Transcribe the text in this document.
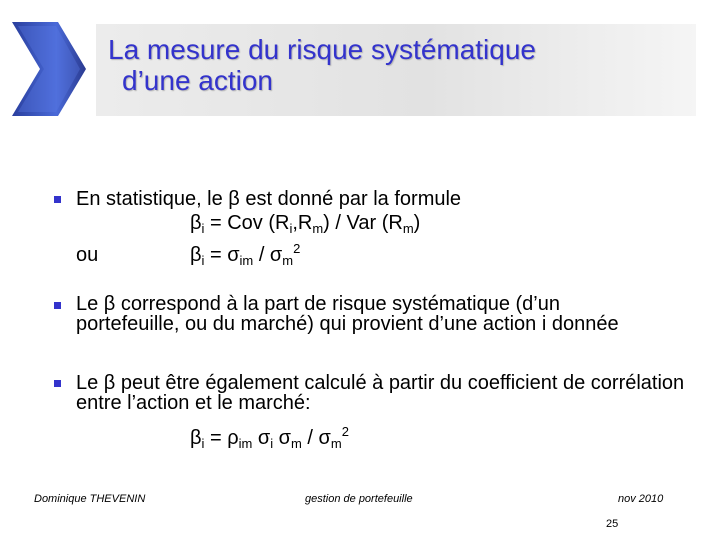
La mesure du risque systématique
d’une action
En statistique, le β est donné par la formule
$\beta_i$ = Cov $(R_i,R_m)$ / Var $(R_m)$
ou	$\beta_i = \sigma_{im} / \sigma_m^2$
Le β correspond à la part de risque systématique (d’un portefeuille, ou du marché) qui provient d’une action i donnée
Le β peut être également calculé à partir du coefficient de corrélation entre l’action et le marché:
$\beta_i = \rho_{im}$ $\sigma_i$ $\sigma_m / \sigma_m^2$
Dominique THEVENIN	gestion de portefeuille	nov 2010
25
